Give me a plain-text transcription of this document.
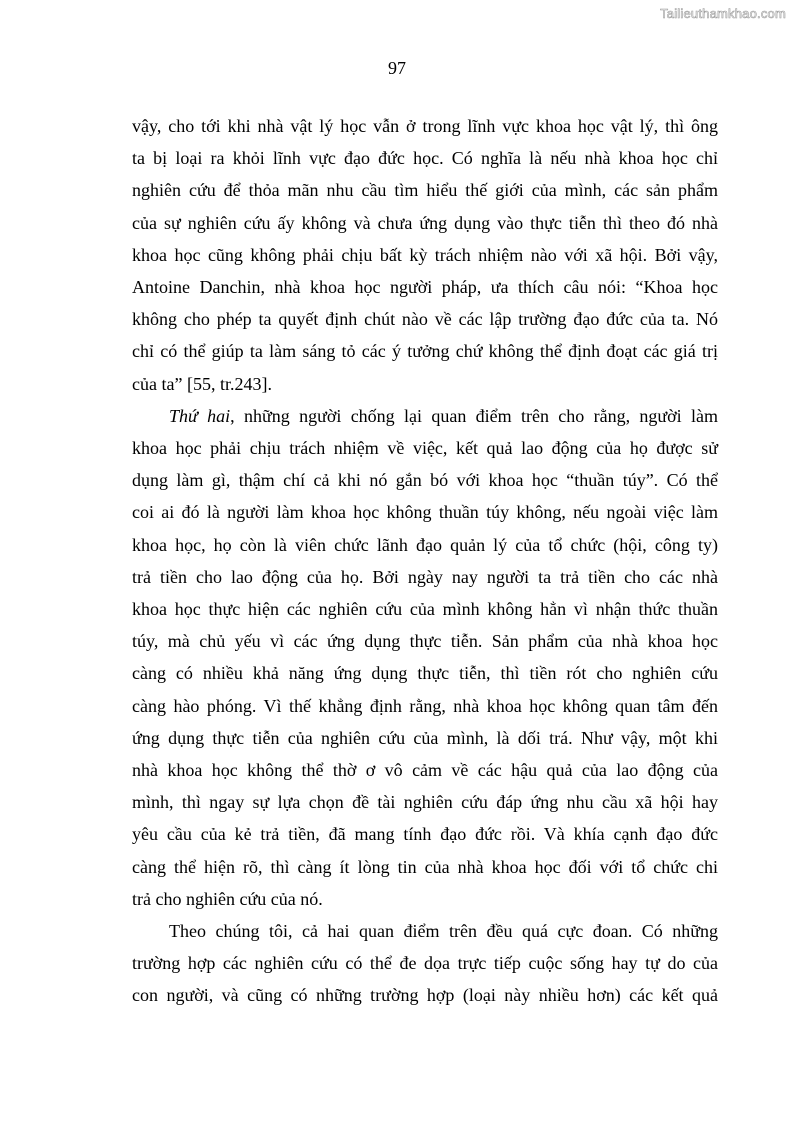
Tailieuthamkhao.com
97
vậy, cho tới khi nhà vật lý học vẫn ở trong lĩnh vực khoa học vật lý, thì ông
ta bị loại ra khỏi lĩnh vực đạo đức học. Có nghĩa là nếu nhà khoa học chỉ
nghiên cứu để thỏa mãn nhu cầu tìm hiểu thế giới của mình, các sản phẩm
của sự nghiên cứu ấy không và chưa ứng dụng vào thực tiễn thì theo đó nhà
khoa học cũng không phải chịu bất kỳ trách nhiệm nào với xã hội. Bởi vậy,
Antoine Danchin, nhà khoa học người pháp, ưa thích câu nói: “Khoa học
không cho phép ta quyết định chút nào về các lập trường đạo đức của ta. Nó
chỉ có thể giúp ta làm sáng tỏ các ý tưởng chứ không thể định đoạt các giá trị
của ta” [55, tr.243].
Thứ hai, những người chống lại quan điểm trên cho rằng, người làm
khoa học phải chịu trách nhiệm về việc, kết quả lao động của họ được sử
dụng làm gì, thậm chí cả khi nó gắn bó với khoa học “thuần túy”. Có thể
coi ai đó là người làm khoa học không thuần túy không, nếu ngoài việc làm
khoa học, họ còn là viên chức lãnh đạo quản lý của tổ chức (hội, công ty)
trả tiền cho lao động của họ. Bởi ngày nay người ta trả tiền cho các nhà
khoa học thực hiện các nghiên cứu của mình không hẳn vì nhận thức thuần
túy, mà chủ yếu vì các ứng dụng thực tiễn. Sản phẩm của nhà khoa học
càng có nhiều khả năng ứng dụng thực tiễn, thì tiền rót cho nghiên cứu
càng hào phóng. Vì thế khẳng định rằng, nhà khoa học không quan tâm đến
ứng dụng thực tiễn của nghiên cứu của mình, là dối trá. Như vậy, một khi
nhà khoa học không thể thờ ơ vô cảm về các hậu quả của lao động của
mình, thì ngay sự lựa chọn đề tài nghiên cứu đáp ứng nhu cầu xã hội hay
yêu cầu của kẻ trả tiền, đã mang tính đạo đức rồi. Và khía cạnh đạo đức
càng thể hiện rõ, thì càng ít lòng tin của nhà khoa học đối với tổ chức chi
trả cho nghiên cứu của nó.
Theo chúng tôi, cả hai quan điểm trên đều quá cực đoan. Có những
trường hợp các nghiên cứu có thể đe dọa trực tiếp cuộc sống hay tự do của
con người, và cũng có những trường hợp (loại này nhiều hơn) các kết quả
